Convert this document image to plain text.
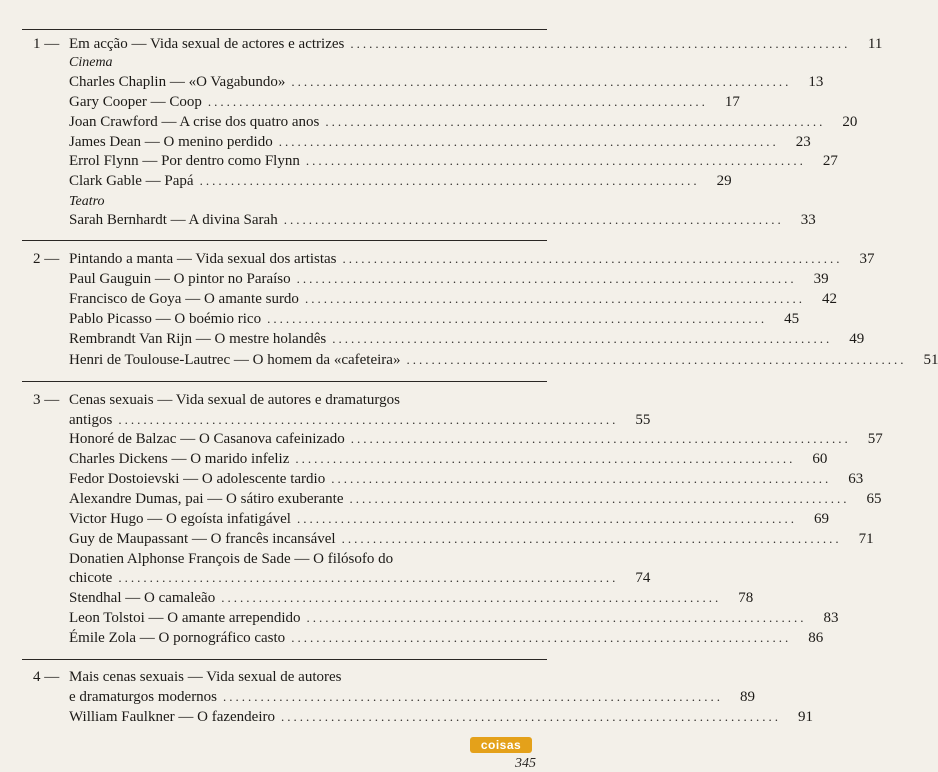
1 — Em acção — Vida sexual de actores e actrizes ................................................................................	11
Cinema
Charles Chaplin — «O Vagabundo» ................................................................................	13
Gary Cooper — Coop ................................................................................	17
Joan Crawford — A crise dos quatro anos ................................................................................	20
James Dean — O menino perdido ................................................................................	23
Errol Flynn — Por dentro como Flynn ................................................................................	27
Clark Gable — Papá ................................................................................	29
Teatro
Sarah Bernhardt — A divina Sarah ................................................................................	33
2 — Pintando a manta — Vida sexual dos artistas ................................................................................	37
Paul Gauguin — O pintor no Paraíso ................................................................................	39
Francisco de Goya — O amante surdo ................................................................................	42
Pablo Picasso — O boémio rico ................................................................................	45
Rembrandt Van Rijn — O mestre holandês ................................................................................	49
Henri de Toulouse-Lautrec — O homem da «cafeteira» ................................................................................	51
3 — Cenas sexuais — Vida sexual de autores e dramaturgos
antigos ................................................................................	55
Honoré de Balzac — O Casanova cafeinizado ................................................................................	57
Charles Dickens — O marido infeliz ................................................................................	60
Fedor Dostoievski — O adolescente tardio ................................................................................	63
Alexandre Dumas, pai — O sátiro exuberante ................................................................................	65
Victor Hugo — O egoísta infatigável ................................................................................	69
Guy de Maupassant — O francês incansável ................................................................................	71
Donatien Alphonse François de Sade — O filósofo do
chicote ................................................................................	74
Stendhal — O camaleão ................................................................................	78
Leon Tolstoi — O amante arrependido ................................................................................	83
Émile Zola — O pornográfico casto ................................................................................	86
4 — Mais cenas sexuais — Vida sexual de autores
e dramaturgos modernos ................................................................................	89
William Faulkner — O fazendeiro ................................................................................	91
coisas
345
